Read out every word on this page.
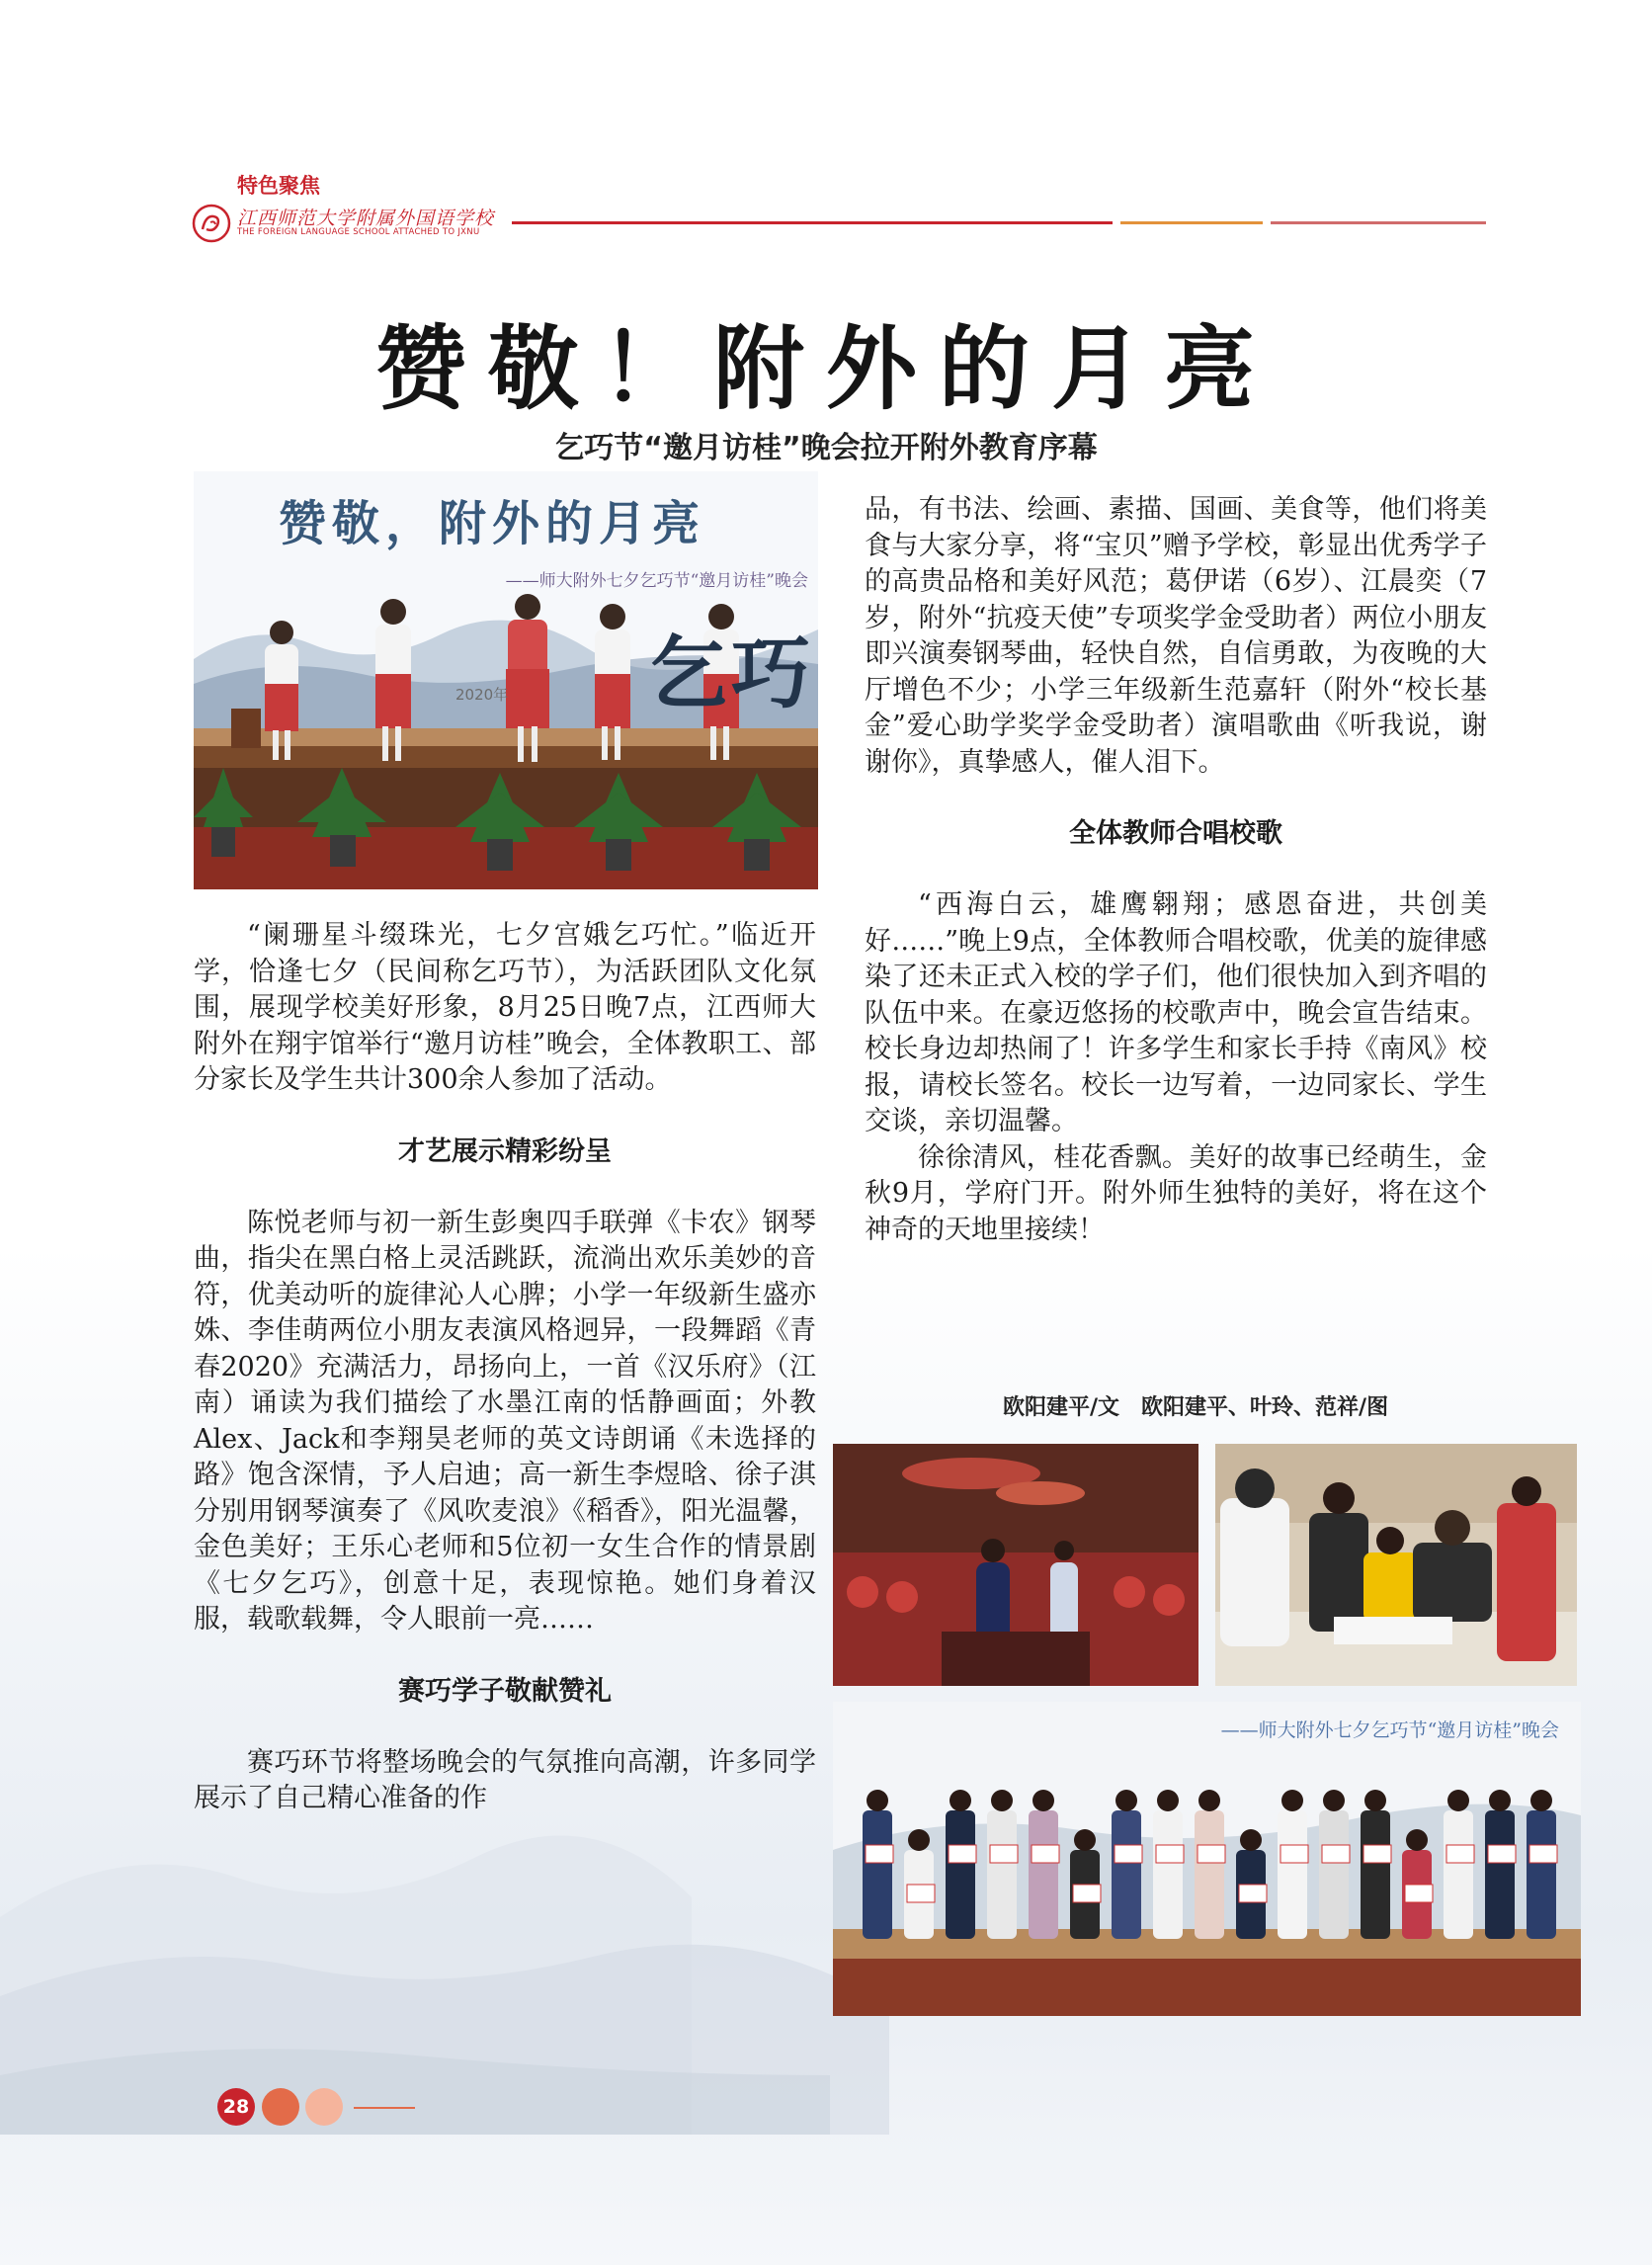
特色聚焦
江西师范大学附属外国语学校
THE FOREIGN LANGUAGE SCHOOL ATTACHED TO JXNU
赞敬！附外的月亮
乞巧节“邀月访桂”晚会拉开附外教育序幕
赞敬，附外的月亮
——师大附外七夕乞巧节“邀月访桂”晚会
2020年 乞巧

“阑珊星斗缀珠光，七夕宫娥乞巧忙。”临近开学，恰逢七夕（民间称乞巧节），为活跃团队文化氛围，展现学校美好形象，8月25日晚7点，江西师大附外在翔宇馆举行“邀月访桂”晚会，全体教职工、部分家长及学生共计300余人参加了活动。

才艺展示精彩纷呈

陈悦老师与初一新生彭奥四手联弹《卡农》钢琴曲，指尖在黑白格上灵活跳跃，流淌出欢乐美妙的音符，优美动听的旋律沁人心脾；小学一年级新生盛亦姝、李佳萌两位小朋友表演风格迥异，一段舞蹈《青春2020》充满活力，昂扬向上，一首《汉乐府》（江南）诵读为我们描绘了水墨江南的恬静画面；外教Alex、Jack和李翔昊老师的英文诗朗诵《未选择的路》饱含深情，予人启迪；高一新生李煜晗、徐子淇分别用钢琴演奏了《风吹麦浪》《稻香》，阳光温馨，金色美好；王乐心老师和5位初一女生合作的情景剧《七夕乞巧》，创意十足，表现惊艳。她们身着汉服，载歌载舞，令人眼前一亮……

赛巧学子敬献赞礼

赛巧环节将整场晚会的气氛推向高潮，许多同学展示了自己精心准备的作

品，有书法、绘画、素描、国画、美食等，他们将美食与大家分享，将“宝贝”赠予学校，彰显出优秀学子的高贵品格和美好风范；葛伊诺（6岁）、江晨奕（7岁，附外“抗疫天使”专项奖学金受助者）两位小朋友即兴演奏钢琴曲，轻快自然，自信勇敢，为夜晚的大厅增色不少；小学三年级新生范嘉轩（附外“校长基金”爱心助学奖学金受助者）演唱歌曲《听我说，谢谢你》，真挚感人，催人泪下。

全体教师合唱校歌

“西海白云，雄鹰翱翔；感恩奋进，共创美好……”晚上9点，全体教师合唱校歌，优美的旋律感染了还未正式入校的学子们，他们很快加入到齐唱的队伍中来。在豪迈悠扬的校歌声中，晚会宣告结束。校长身边却热闹了！许多学生和家长手持《南风》校报，请校长签名。校长一边写着，一边同家长、学生交谈，亲切温馨。

徐徐清风，桂花香飘。美好的故事已经萌生，金秋9月，学府门开。附外师生独特的美好，将在这个神奇的天地里接续！

欧阳建平/文　欧阳建平、叶玲、范祥/图
——师大附外七夕乞巧节“邀月访桂”晚会
28
